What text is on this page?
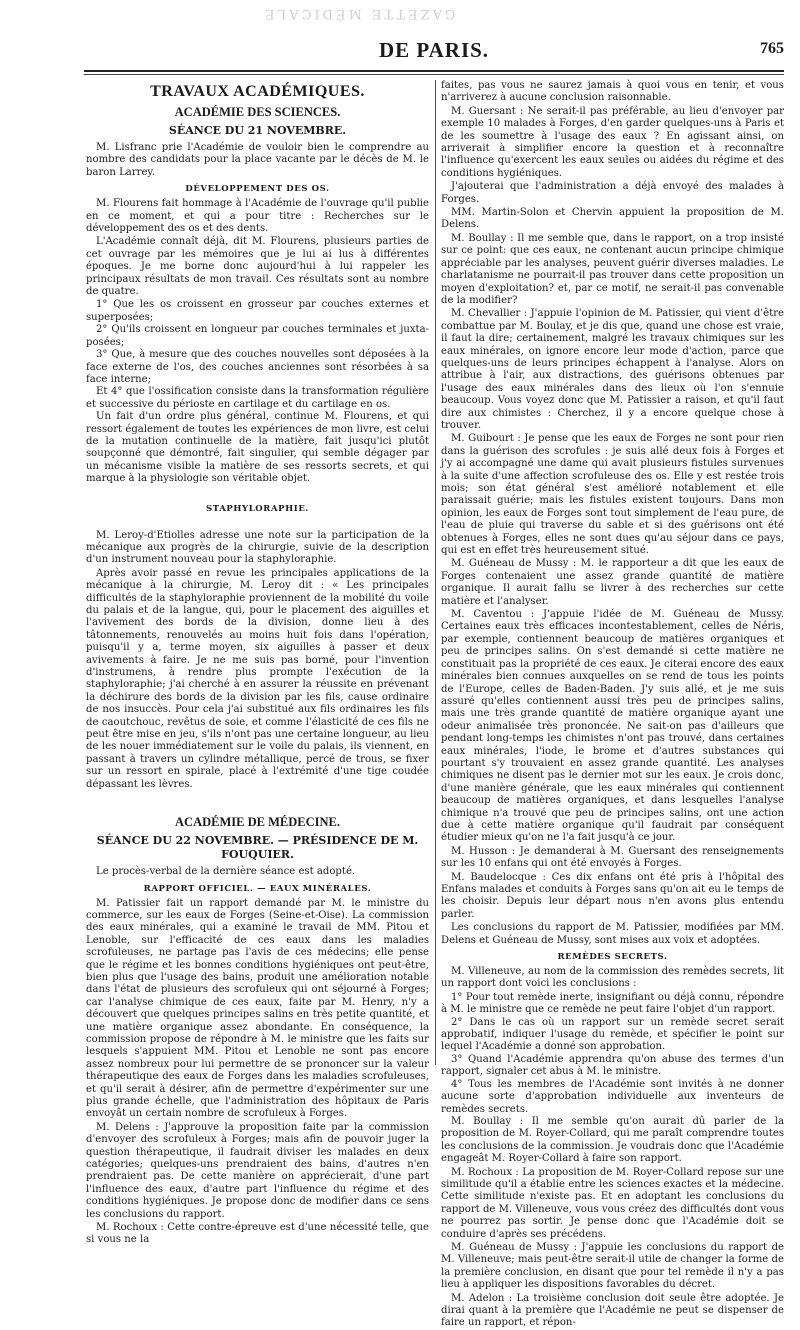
GAZETTE MÉDICALE
DE PARIS.	765
TRAVAUX ACADÉMIQUES.
ACADÉMIE DES SCIENCES.
SÉANCE DU 21 NOVEMBRE.

M. Lisfranc prie l'Académie de vouloir bien le comprendre au nombre des candidats pour la place vacante par le décès de M. le baron Larrey.

DÉVELOPPEMENT DES OS.

M. Flourens fait hommage à l'Académie de l'ouvrage qu'il publie en ce moment, et qui a pour titre : Recherches sur le développement des os et des dents.

L'Académie connaît déjà, dit M. Flourens, plusieurs parties de cet ouvrage par les mémoires que je lui ai lus à différentes époques. Je me borne donc aujourd'hui à lui rappeler les principaux résultats de mon travail. Ces résultats sont au nombre de quatre.

1° Que les os croissent en grosseur par couches externes et superposées;
2° Qu'ils croissent en longueur par couches terminales et juxta-posées;
3° Que, à mesure que des couches nouvelles sont déposées à la face externe de l'os, des couches anciennes sont résorbées à sa face interne;
Et 4° que l'ossification consiste dans la transformation régulière et successive du périoste en cartilage et du cartilage en os.

Un fait d'un ordre plus général, continue M. Flourens, et qui ressort également de toutes les expériences de mon livre, est celui de la mutation continuelle de la matière, fait jusqu'ici plutôt soupçonné que démontré, fait singulier, qui semble dégager par un mécanisme visible la matière de ses ressorts secrets, et qui marque à la physiologie son véritable objet.

STAPHYLORAPHIE.

M. Leroy-d'Etiolles adresse une note sur la participation de la mécanique aux progrès de la chirurgie, suivie de la description d'un instrument nouveau pour la staphyloraphie.

Après avoir passé en revue les principales applications de la mécanique à la chirurgie, M. Leroy dit : « Les principales difficultés de la staphyloraphie proviennent de la mobilité du voile du palais et de la langue, qui, pour le placement des aiguilles et l'avivement des bords de la division, donne lieu à des tâtonnements, renouvelés au moins huit fois dans l'opération, puisqu'il y a, terme moyen, six aiguilles à passer et deux avivements à faire. Je ne me suis pas borné, pour l'invention d'instrumens, à rendre plus prompte l'exécution de la staphyloraphie; j'ai cherché à en assurer la réussite en prévenant la déchirure des bords de la division par les fils, cause ordinaire de nos insuccès. Pour cela j'ai substitué aux fils ordinaires les fils de caoutchouc, revêtus de soie, et comme l'élasticité de ces fils ne peut être mise en jeu, s'ils n'ont pas une certaine longueur, au lieu de les nouer immédiatement sur le voile du palais, ils viennent, en passant à travers un cylindre métallique, percé de trous, se fixer sur un ressort en spirale, placé à l'extrémité d'une tige coudée dépassant les lèvres.

ACADÉMIE DE MÉDECINE.
SÉANCE DU 22 NOVEMBRE. — PRÉSIDENCE DE M. FOUQUIER.

Le procès-verbal de la dernière séance est adopté.

RAPPORT OFFICIEL. — EAUX MINÉRALES.

M. Patissier fait un rapport demandé par M. le ministre du commerce, sur les eaux de Forges (Seine-et-Oise). La commission des eaux minérales, qui a examiné le travail de MM. Pitou et Lenoble, sur l'efficacité de ces eaux dans les maladies scrofuleuses, ne partage pas l'avis de ces médecins; elle pense que le régime et les bonnes conditions hygiéniques ont peut-être, bien plus que l'usage des bains, produit une amélioration notable dans l'état de plusieurs des scrofuleux qui ont séjourné à Forges; car l'analyse chimique de ces eaux, faite par M. Henry, n'y a découvert que quelques principes salins en très petite quantité, et une matière organique assez abondante. En conséquence, la commission propose de répondre à M. le ministre que les faits sur lesquels s'appuient MM. Pitou et Lenoble ne sont pas encore assez nombreux pour lui permettre de se prononcer sur la valeur thérapeutique des eaux de Forges dans les maladies scrofuleuses, et qu'il serait à désirer, afin de permettre d'expérimenter sur une plus grande échelle, que l'administration des hôpitaux de Paris envoyât un certain nombre de scrofuleux à Forges.

M. Delens : J'approuve la proposition faite par la commission d'envoyer des scrofuleux à Forges; mais afin de pouvoir juger la question thérapeutique, il faudrait diviser les malades en deux catégories; quelques-uns prendraient des bains, d'autres n'en prendraient pas. De cette manière on apprécierait, d'une part l'influence des eaux, d'autre part l'influence du régime et des conditions hygiéniques. Je propose donc de modifier dans ce sens les conclusions du rapport.

M. Rochoux : Cette contre-épreuve est d'une nécessité telle, que si vous ne la

faites, pas vous ne saurez jamais à quoi vous en tenir, et vous n'arriverez à aucune conclusion raisonnable.

M. Guersant : Ne serait-il pas préférable, au lieu d'envoyer par exemple 10 malades à Forges, d'en garder quelques-uns à Paris et de les soumettre à l'usage des eaux ? En agissant ainsi, on arriverait à simplifier encore la question et à reconnaître l'influence qu'exercent les eaux seules ou aidées du régime et des conditions hygiéniques.

J'ajouterai que l'administration a déjà envoyé des malades à Forges.

MM. Martin-Solon et Chervin appuient la proposition de M. Delens.

M. Boullay : Il me semble que, dans le rapport, on a trop insisté sur ce point: que ces eaux, ne contenant aucun principe chimique appréciable par les analyses, peuvent guérir diverses maladies. Le charlatanisme ne pourrait-il pas trouver dans cette proposition un moyen d'exploitation? et, par ce motif, ne serait-il pas convenable de la modifier?

M. Chevallier : J'appuie l'opinion de M. Patissier, qui vient d'être combattue par M. Boulay, et je dis que, quand une chose est vraie, il faut la dire; certainement, malgré les travaux chimiques sur les eaux minérales, on ignore encore leur mode d'action, parce que quelques-uns de leurs principes échappent à l'analyse. Alors on attribue à l'air, aux distractions, des guérisons obtenues par l'usage des eaux minérales dans des lieux où l'on s'ennuie beaucoup. Vous voyez donc que M. Patissier a raison, et qu'il faut dire aux chimistes : Cherchez, il y a encore quelque chose à trouver.

M. Guibourt : Je pense que les eaux de Forges ne sont pour rien dans la guérison des scrofules : je suis allé deux fois à Forges et j'y ai accompagné une dame qui avait plusieurs fistules survenues à la suite d'une affection scrofuleuse des os. Elle y est restée trois mois; son état général s'est amélioré notablement et elle paraissait guérie; mais les fistules existent toujours. Dans mon opinion, les eaux de Forges sont tout simplement de l'eau pure, de l'eau de pluie qui traverse du sable et si des guérisons ont été obtenues à Forges, elles ne sont dues qu'au séjour dans ce pays, qui est en effet très heureusement situé.

M. Guéneau de Mussy : M. le rapporteur a dit que les eaux de Forges contenaient une assez grande quantité de matière organique. Il aurait fallu se livrer à des recherches sur cette matière et l'analyser.

M. Caventou : J'appuie l'idée de M. Guéneau de Mussy. Certaines eaux très efficaces incontestablement, celles de Néris, par exemple, contiennent beaucoup de matières organiques et peu de principes salins. On s'est demandé si cette matière ne constituait pas la propriété de ces eaux. Je citerai encore des eaux minérales bien connues auxquelles on se rend de tous les points de l'Europe, celles de Baden-Baden. J'y suis allé, et je me suis assuré qu'elles contiennent aussi très peu de principes salins, mais une très grande quantité de matière organique ayant une odeur animalisée très prononcée. Ne sait-on pas d'ailleurs que pendant long-temps les chimistes n'ont pas trouvé, dans certaines eaux minérales, l'iode, le brome et d'autres substances qui pourtant s'y trouvaient en assez grande quantité. Les analyses chimiques ne disent pas le dernier mot sur les eaux. Je crois donc, d'une manière générale, que les eaux minérales qui contiennent beaucoup de matières organiques, et dans lesquelles l'analyse chimique n'a trouvé que peu de principes salins, ont une action due à cette matière organique qu'il faudrait par conséquent étudier mieux qu'on ne l'a fait jusqu'à ce jour.

M. Husson : Je demanderai à M. Guersant des renseignements sur les 10 enfans qui ont été envoyés à Forges.

M. Baudelocque : Ces dix enfans ont été pris à l'hôpital des Enfans malades et conduits à Forges sans qu'on ait eu le temps de les choisir. Depuis leur départ nous n'en avons plus entendu parler.

Les conclusions du rapport de M. Patissier, modifiées par MM. Delens et Guéneau de Mussy, sont mises aux voix et adoptées.

REMÈDES SECRETS.

M. Villeneuve, au nom de la commission des remèdes secrets, lit un rapport dont voici les conclusions :

1° Pour tout remède inerte, insignifiant ou déjà connu, répondre à M. le ministre que ce remède ne peut faire l'objet d'un rapport.
2° Dans le cas où un rapport sur un remède secret serait approbatif, indiquer l'usage du remède, et spécifier le point sur lequel l'Académie a donné son approbation.
3° Quand l'Académie apprendra qu'on abuse des termes d'un rapport, signaler cet abus à M. le ministre.
4° Tous les membres de l'Académie sont invités à ne donner aucune sorte d'approbation individuelle aux inventeurs de remèdes secrets.

M. Boullay : Il me semble qu'on aurait dû parler de la proposition de M. Royer-Collard, qui me paraît comprendre toutes les conclusions de la commission. Je voudrais donc que l'Académie engageât M. Royer-Collard à faire son rapport.

M. Rochoux : La proposition de M. Royer-Collard repose sur une similitude qu'il a établie entre les sciences exactes et la médecine. Cette similitude n'existe pas. Et en adoptant les conclusions du rapport de M. Villeneuve, vous vous créez des difficultés dont vous ne pourrez pas sortir. Je pense donc que l'Académie doit se conduire d'après ses précédens.

M. Guéneau de Mussy : J'appuie les conclusions du rapport de M. Villeneuve; mais peut-être serait-il utile de changer la forme de la première conclusion, en disant que pour tel remède il n'y a pas lieu à appliquer les dispositions favorables du décret.

M. Adelon : La troisième conclusion doit seule être adoptée. Je dirai quant à la première que l'Académie ne peut se dispenser de faire un rapport, et répon-
